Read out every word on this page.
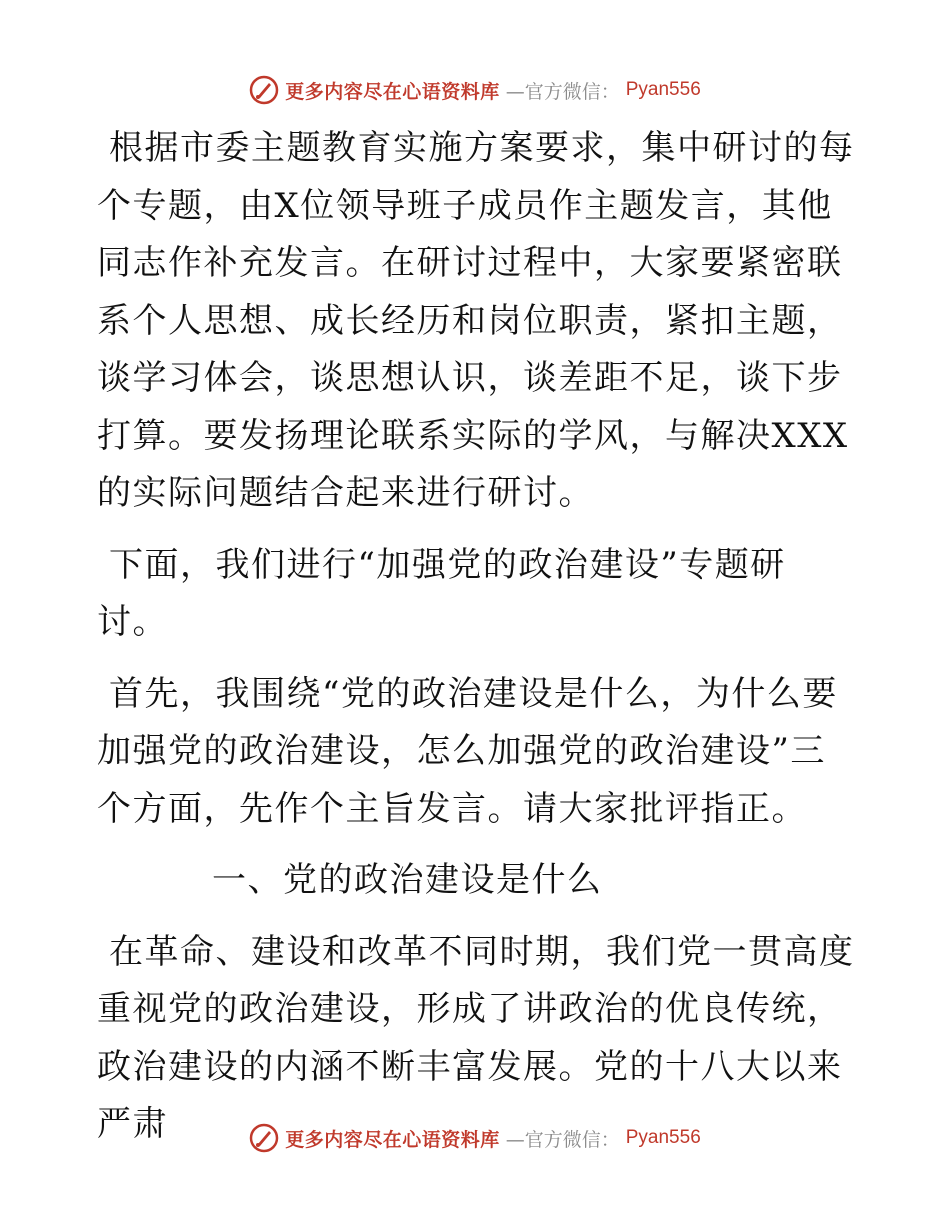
更多内容尽在心语资料库 —官方微信： Pyan556

根据市委主题教育实施方案要求，集中研讨的每个专题，由X位领导班子成员作主题发言，其他同志作补充发言。在研讨过程中，大家要紧密联系个人思想、成长经历和岗位职责，紧扣主题，谈学习体会，谈思想认识，谈差距不足，谈下步打算。要发扬理论联系实际的学风，与解决XXX的实际问题结合起来进行研讨。

下面，我们进行“加强党的政治建设”专题研讨。

首先，我围绕“党的政治建设是什么，为什么要加强党的政治建设，怎么加强党的政治建设”三个方面，先作个主旨发言。请大家批评指正。

一、党的政治建设是什么

在革命、建设和改革不同时期，我们党一贯高度重视党的政治建设，形成了讲政治的优良传统，政治建设的内涵不断丰富发展。党的十八大以来严肃	更多内容尽在心语资料库 —官方微信： Pyan556
